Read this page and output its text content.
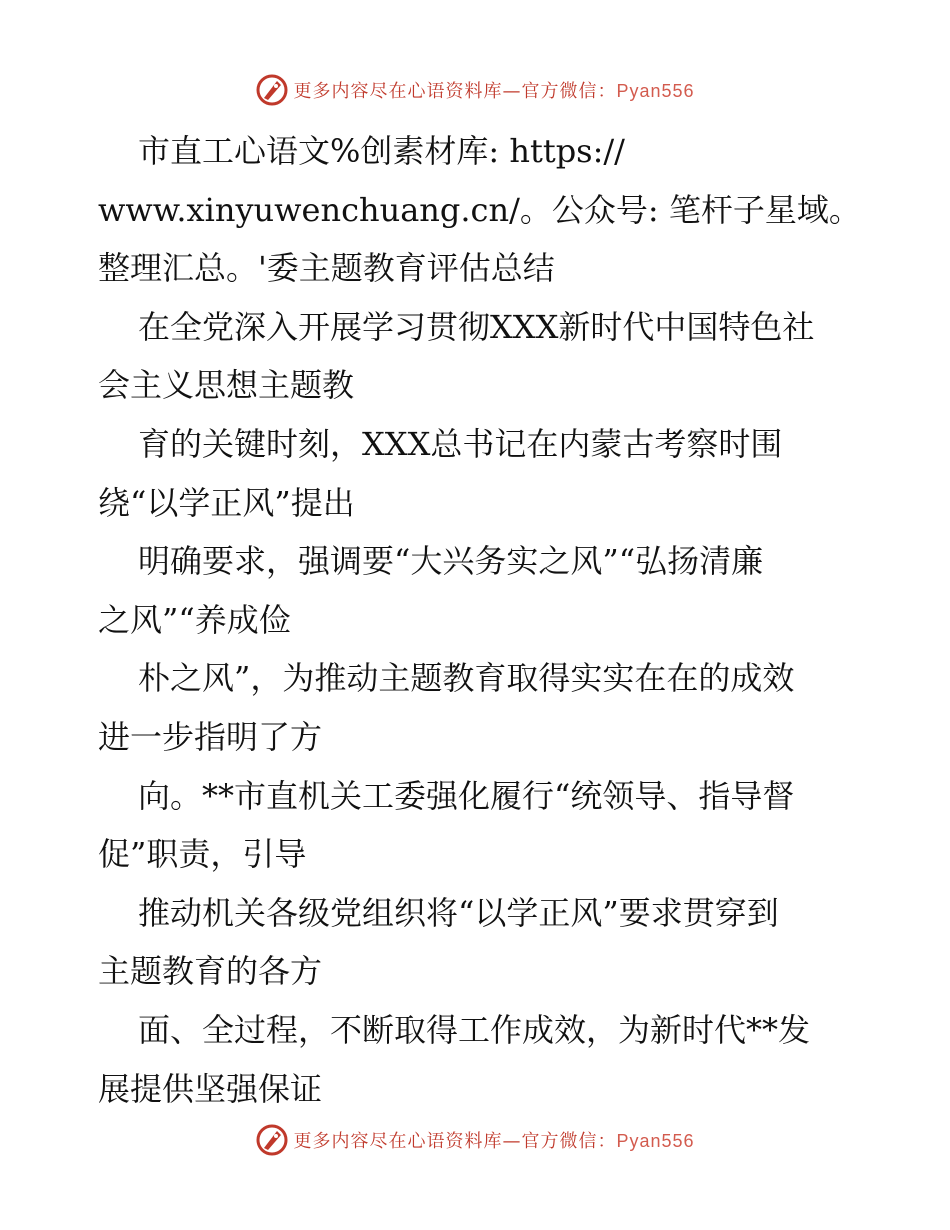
更多内容尽在心语资料库—官方微信：Pyan556
市直工心语文%创素材库: https://
www.xinyuwenchuang.cn/。公众号: 笔杆子星域。
整理汇总。'委主题教育评估总结
在全党深入开展学习贯彻XXX新时代中国特色社
会主义思想主题教
育的关键时刻，XXX总书记在内蒙古考察时围
绕“以学正风”提出
明确要求，强调要“大兴务实之风”“弘扬清廉
之风”“养成俭
朴之风”，为推动主题教育取得实实在在的成效
进一步指明了方
向。**市直机关工委强化履行“统领导、指导督
促”职责，引导
推动机关各级党组织将“以学正风”要求贯穿到
主题教育的各方
面、全过程，不断取得工作成效，为新时代**发
展提供坚强保证
更多内容尽在心语资料库—官方微信：Pyan556
